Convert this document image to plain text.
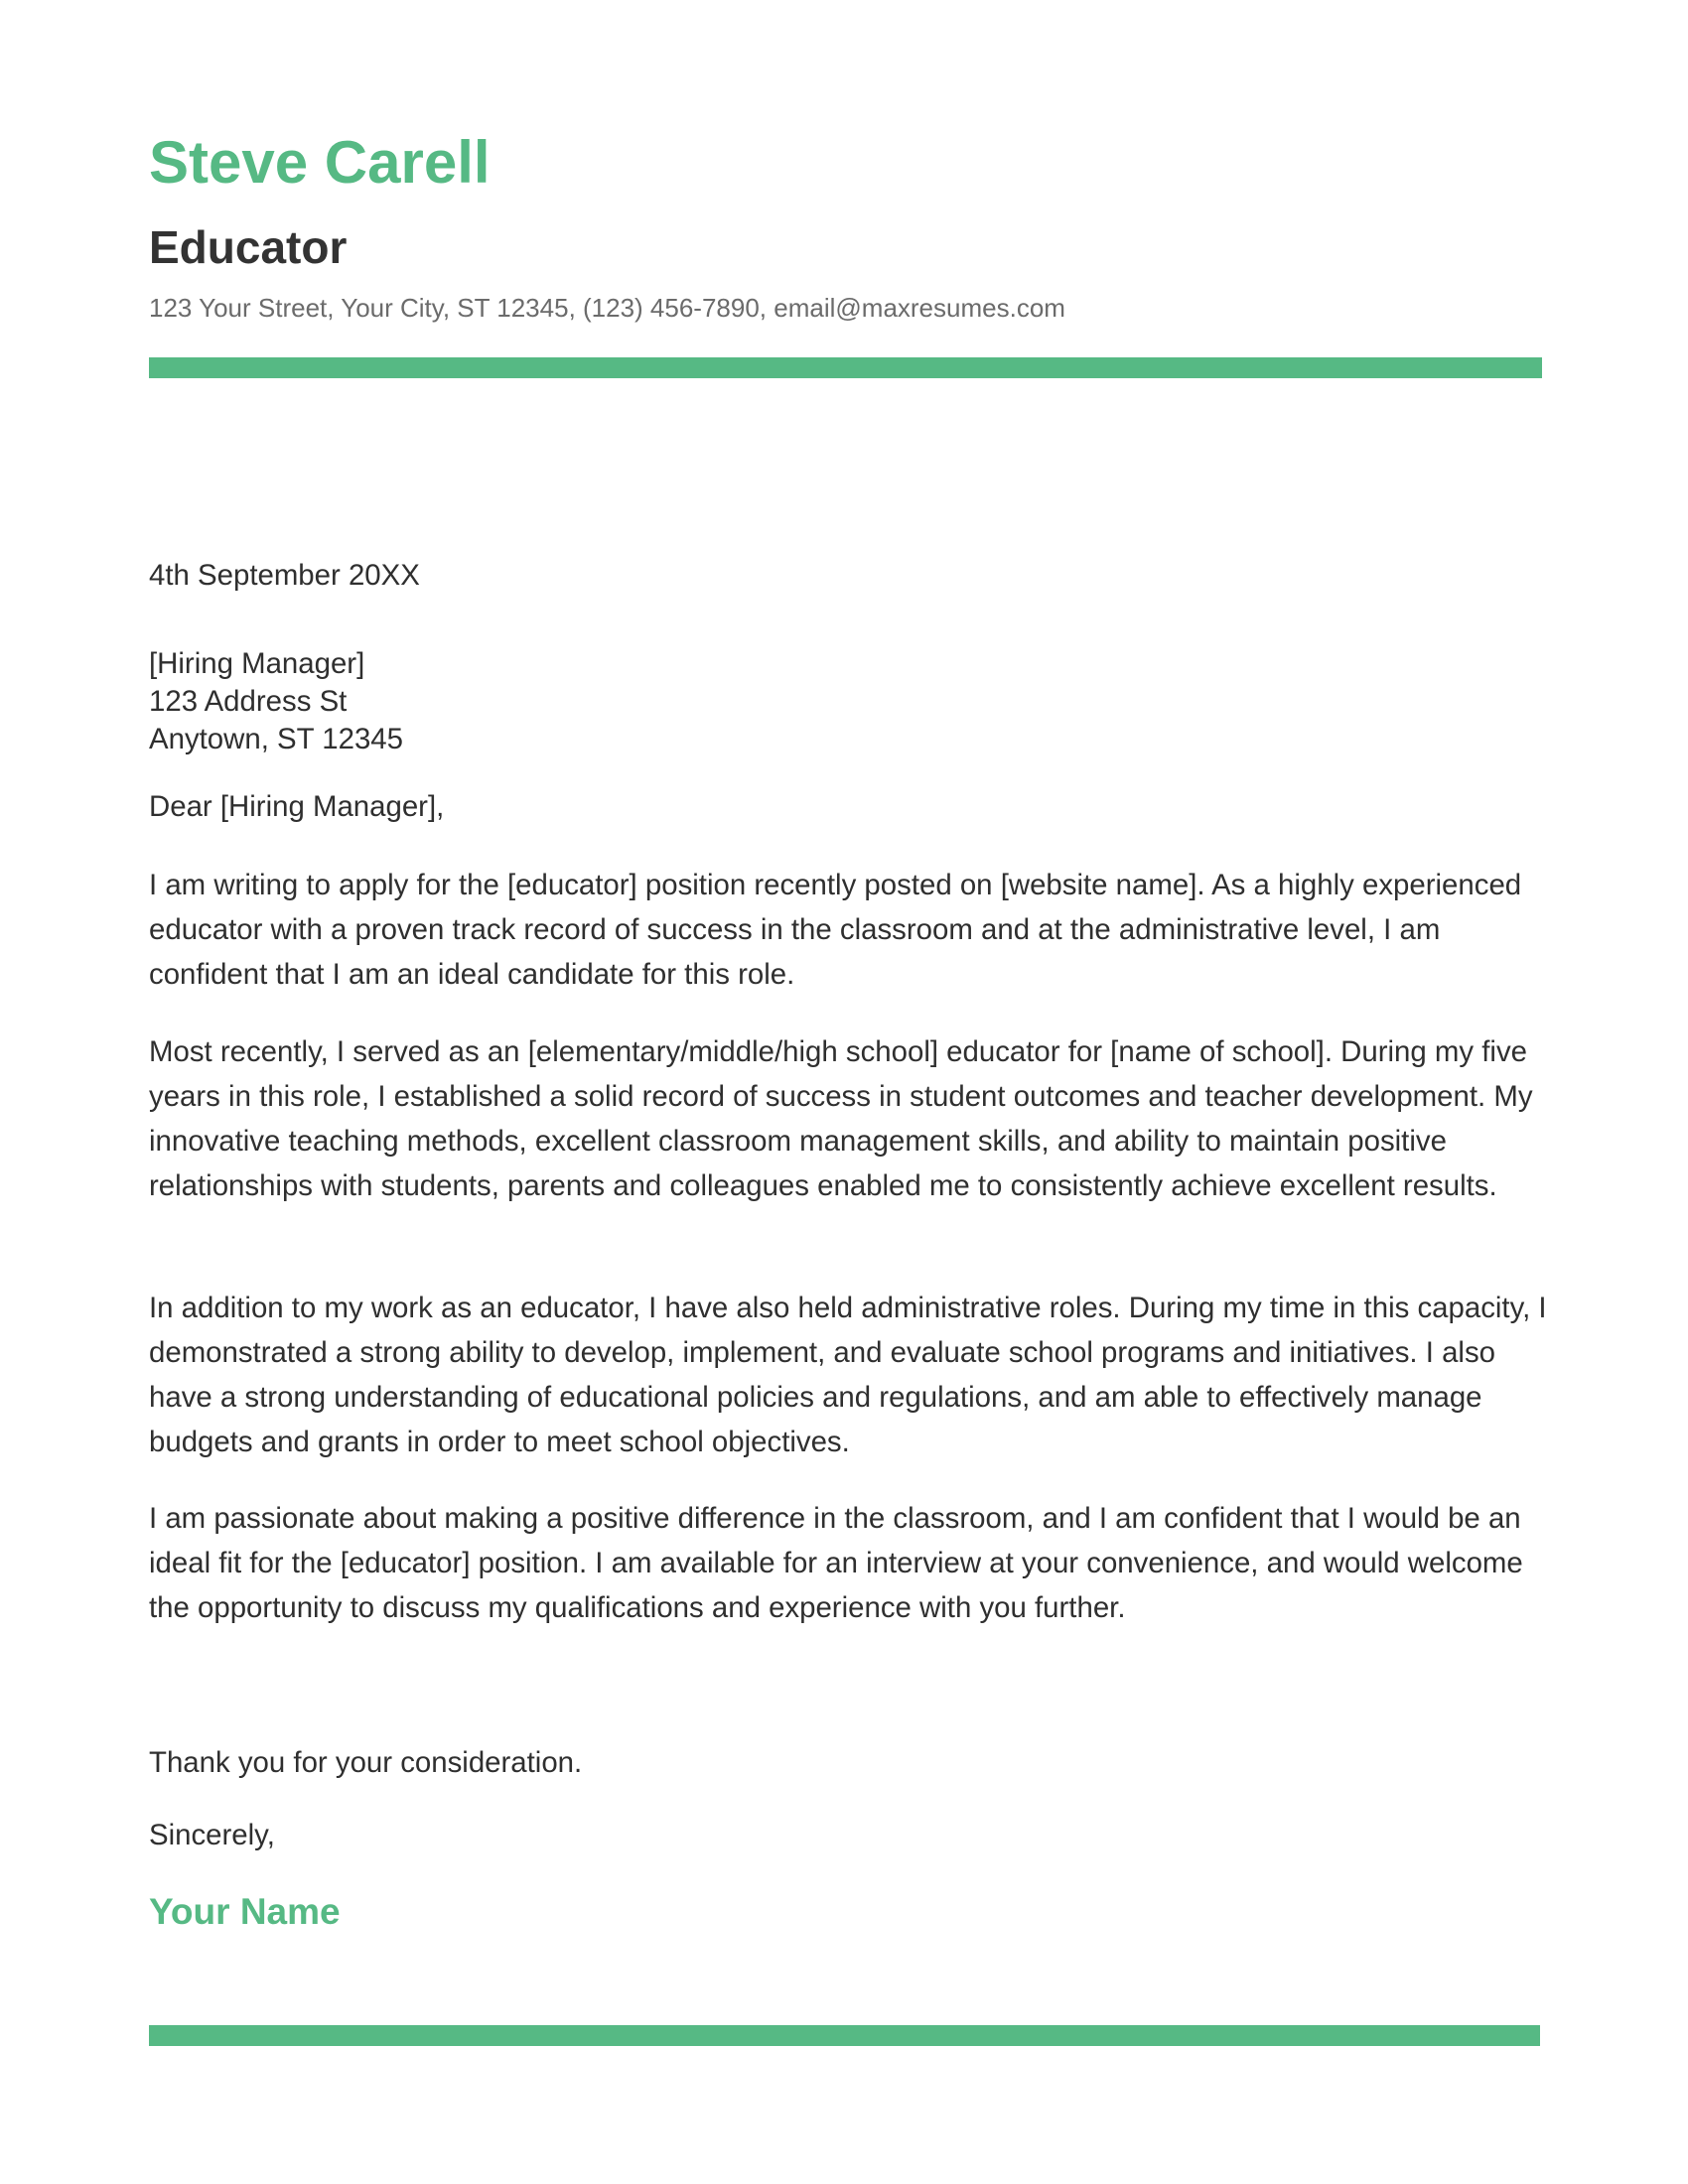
Steve Carell
Educator
123 Your Street, Your City, ST 12345, (123) 456-7890, email@maxresumes.com

4th September 20XX

[Hiring Manager]
123 Address St
Anytown, ST 12345

Dear [Hiring Manager],

I am writing to apply for the [educator] position recently posted on [website name]. As a highly experienced educator with a proven track record of success in the classroom and at the administrative level, I am confident that I am an ideal candidate for this role.

Most recently, I served as an [elementary/middle/high school] educator for [name of school]. During my five years in this role, I established a solid record of success in student outcomes and teacher development. My innovative teaching methods, excellent classroom management skills, and ability to maintain positive relationships with students, parents and colleagues enabled me to consistently achieve excellent results.

In addition to my work as an educator, I have also held administrative roles. During my time in this capacity, I demonstrated a strong ability to develop, implement, and evaluate school programs and initiatives. I also have a strong understanding of educational policies and regulations, and am able to effectively manage budgets and grants in order to meet school objectives.

I am passionate about making a positive difference in the classroom, and I am confident that I would be an ideal fit for the [educator] position. I am available for an interview at your convenience, and would welcome the opportunity to discuss my qualifications and experience with you further.

Thank you for your consideration.

Sincerely,

Your Name
